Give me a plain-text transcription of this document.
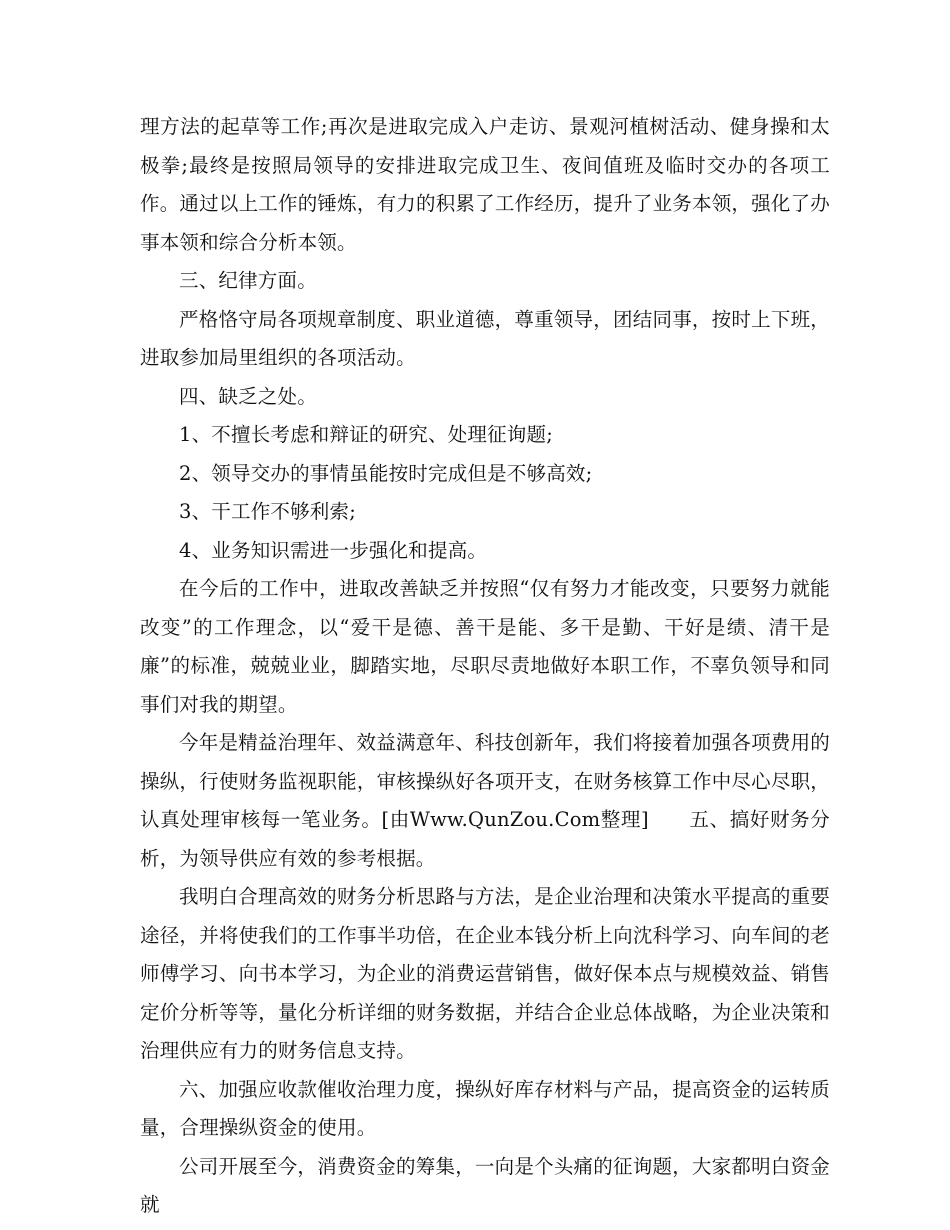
理方法的起草等工作;再次是进取完成入户走访、景观河植树活动、健身操和太极拳;最终是按照局领导的安排进取完成卫生、夜间值班及临时交办的各项工作。通过以上工作的锤炼，有力的积累了工作经历，提升了业务本领，强化了办事本领和综合分析本领。

三、纪律方面。

严格恪守局各项规章制度、职业道德，尊重领导，团结同事，按时上下班，进取参加局里组织的各项活动。

四、缺乏之处。

1、不擅长考虑和辩证的研究、处理征询题;

2、领导交办的事情虽能按时完成但是不够高效;

3、干工作不够利索;

4、业务知识需进一步强化和提高。

在今后的工作中，进取改善缺乏并按照“仅有努力才能改变，只要努力就能改变”的工作理念，以“爱干是德、善干是能、多干是勤、干好是绩、清干是廉”的标准，兢兢业业，脚踏实地，尽职尽责地做好本职工作，不辜负领导和同事们对我的期望。

今年是精益治理年、效益满意年、科技创新年，我们将接着加强各项费用的操纵，行使财务监视职能，审核操纵好各项开支，在财务核算工作中尽心尽职，认真处理审核每一笔业务。[由Www.QunZou.Com整理]　　五、搞好财务分析，为领导供应有效的参考根据。

我明白合理高效的财务分析思路与方法，是企业治理和决策水平提高的重要途径，并将使我们的工作事半功倍，在企业本钱分析上向沈科学习、向车间的老师傅学习、向书本学习，为企业的消费运营销售，做好保本点与规模效益、销售定价分析等等，量化分析详细的财务数据，并结合企业总体战略，为企业决策和治理供应有力的财务信息支持。

六、加强应收款催收治理力度，操纵好库存材料与产品，提高资金的运转质量，合理操纵资金的使用。

公司开展至今，消费资金的筹集，一向是个头痛的征询题，大家都明白资金就
